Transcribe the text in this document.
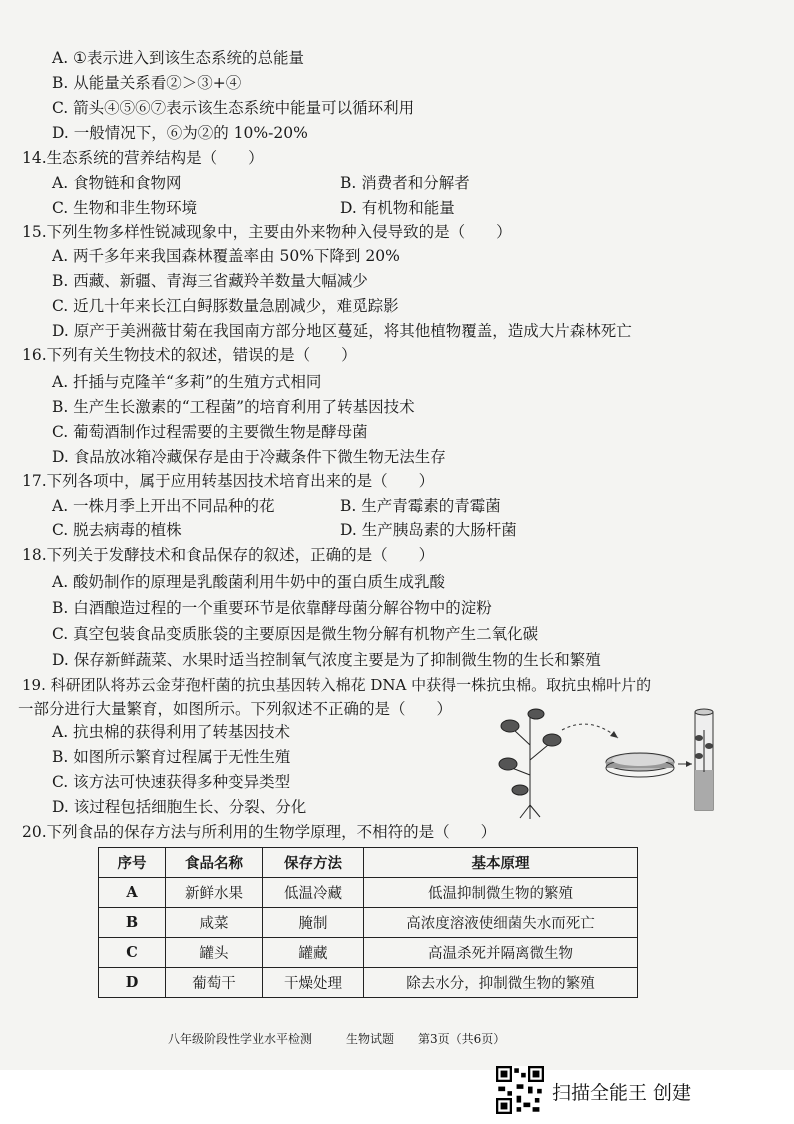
A. ①表示进入到该生态系统的总能量
B. 从能量关系看②＞③+④
C. 箭头④⑤⑥⑦表示该生态系统中能量可以循环利用
D. 一般情况下，⑥为②的 10%-20%
14.生态系统的营养结构是（　　）
A. 食物链和食物网	B. 消费者和分解者
C. 生物和非生物环境	D. 有机物和能量
15.下列生物多样性锐减现象中，主要由外来物种入侵导致的是（　　）
A. 两千多年来我国森林覆盖率由 50%下降到 20%
B. 西藏、新疆、青海三省藏羚羊数量大幅减少
C. 近几十年来长江白鲟豚数量急剧减少，难觅踪影
D. 原产于美洲薇甘菊在我国南方部分地区蔓延，将其他植物覆盖，造成大片森林死亡
16.下列有关生物技术的叙述，错误的是（　　）
A. 扦插与克隆羊“多莉”的生殖方式相同
B. 生产生长激素的“工程菌”的培育利用了转基因技术
C. 葡萄酒制作过程需要的主要微生物是酵母菌
D. 食品放冰箱冷藏保存是由于冷藏条件下微生物无法生存
17.下列各项中，属于应用转基因技术培育出来的是（　　）
A. 一株月季上开出不同品种的花	B. 生产青霉素的青霉菌
C. 脱去病毒的植株	D. 生产胰岛素的大肠杆菌
18.下列关于发酵技术和食品保存的叙述，正确的是（　　）
A. 酸奶制作的原理是乳酸菌利用牛奶中的蛋白质生成乳酸
B. 白酒酿造过程的一个重要环节是依靠酵母菌分解谷物中的淀粉
C. 真空包装食品变质胀袋的主要原因是微生物分解有机物产生二氧化碳
D. 保存新鲜蔬菜、水果时适当控制氧气浓度主要是为了抑制微生物的生长和繁殖
19. 科研团队将苏云金芽孢杆菌的抗虫基因转入棉花 DNA 中获得一株抗虫棉。取抗虫棉叶片的
一部分进行大量繁育，如图所示。下列叙述不正确的是（　　）
A. 抗虫棉的获得利用了转基因技术
B. 如图所示繁育过程属于无性生殖
C. 该方法可快速获得多种变异类型
D. 该过程包括细胞生长、分裂、分化
20.下列食品的保存方法与所利用的生物学原理，不相符的是（　　）
序号	食品名称	保存方法	基本原理
A	新鲜水果	低温冷藏	低温抑制微生物的繁殖
B	咸菜	腌制	高浓度溶液使细菌失水而死亡
C	罐头	罐藏	高温杀死并隔离微生物
D	葡萄干	干燥处理	除去水分，抑制微生物的繁殖
八年级阶段性学业水平检测	生物试题 第3页（共6页）
扫描全能王 创建
